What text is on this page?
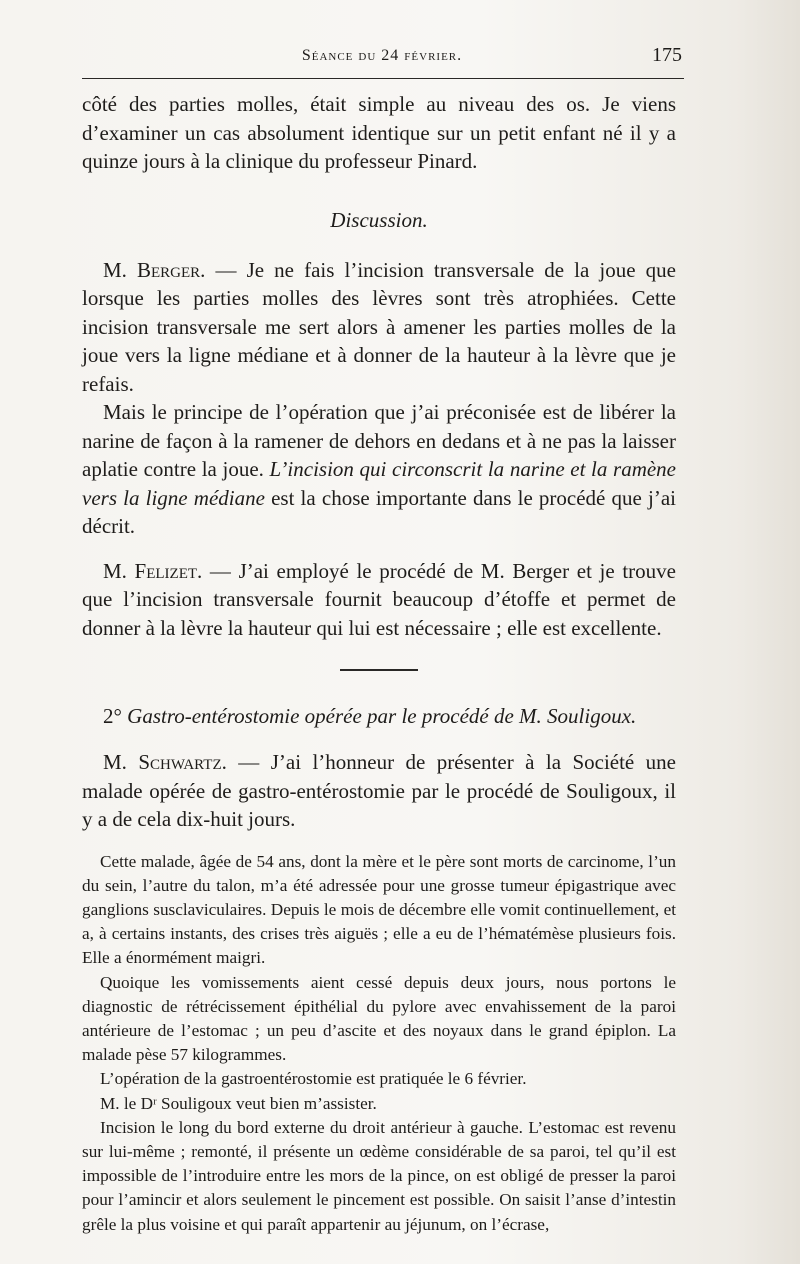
Séance du 24 février.	175

côté des parties molles, était simple au niveau des os. Je viens d’examiner un cas absolument identique sur un petit enfant né il y a quinze jours à la clinique du professeur Pinard.

Discussion.

M. Berger. — Je ne fais l’incision transversale de la joue que lorsque les parties molles des lèvres sont très atrophiées. Cette incision transversale me sert alors à amener les parties molles de la joue vers la ligne médiane et à donner de la hauteur à la lèvre que je refais.

Mais le principe de l’opération que j’ai préconisée est de libérer la narine de façon à la ramener de dehors en dedans et à ne pas la laisser aplatie contre la joue. L’incision qui circonscrit la narine et la ramène vers la ligne médiane est la chose importante dans le procédé que j’ai décrit.

M. Felizet. — J’ai employé le procédé de M. Berger et je trouve que l’incision transversale fournit beaucoup d’étoffe et permet de donner à la lèvre la hauteur qui lui est nécessaire ; elle est excellente.

2° Gastro-entérostomie opérée par le procédé de M. Souligoux.

M. Schwartz. — J’ai l’honneur de présenter à la Société une malade opérée de gastro-entérostomie par le procédé de Souligoux, il y a de cela dix-huit jours.

Cette malade, âgée de 54 ans, dont la mère et le père sont morts de carcinome, l’un du sein, l’autre du talon, m’a été adressée pour une grosse tumeur épigastrique avec ganglions susclaviculaires. Depuis le mois de décembre elle vomit continuellement, et a, à certains instants, des crises très aiguës ; elle a eu de l’hématémèse plusieurs fois. Elle a énormément maigri.

Quoique les vomissements aient cessé depuis deux jours, nous portons le diagnostic de rétrécissement épithélial du pylore avec envahissement de la paroi antérieure de l’estomac ; un peu d’ascite et des noyaux dans le grand épiplon. La malade pèse 57 kilogrammes.

L’opération de la gastroentérostomie est pratiquée le 6 février.

M. le Dʳ Souligoux veut bien m’assister.

Incision le long du bord externe du droit antérieur à gauche. L’estomac est revenu sur lui-même ; remonté, il présente un œdème considérable de sa paroi, tel qu’il est impossible de l’introduire entre les mors de la pince, on est obligé de presser la paroi pour l’amincir et alors seulement le pincement est possible. On saisit l’anse d’intestin grêle la plus voisine et qui paraît appartenir au jéjunum, on l’écrase,
